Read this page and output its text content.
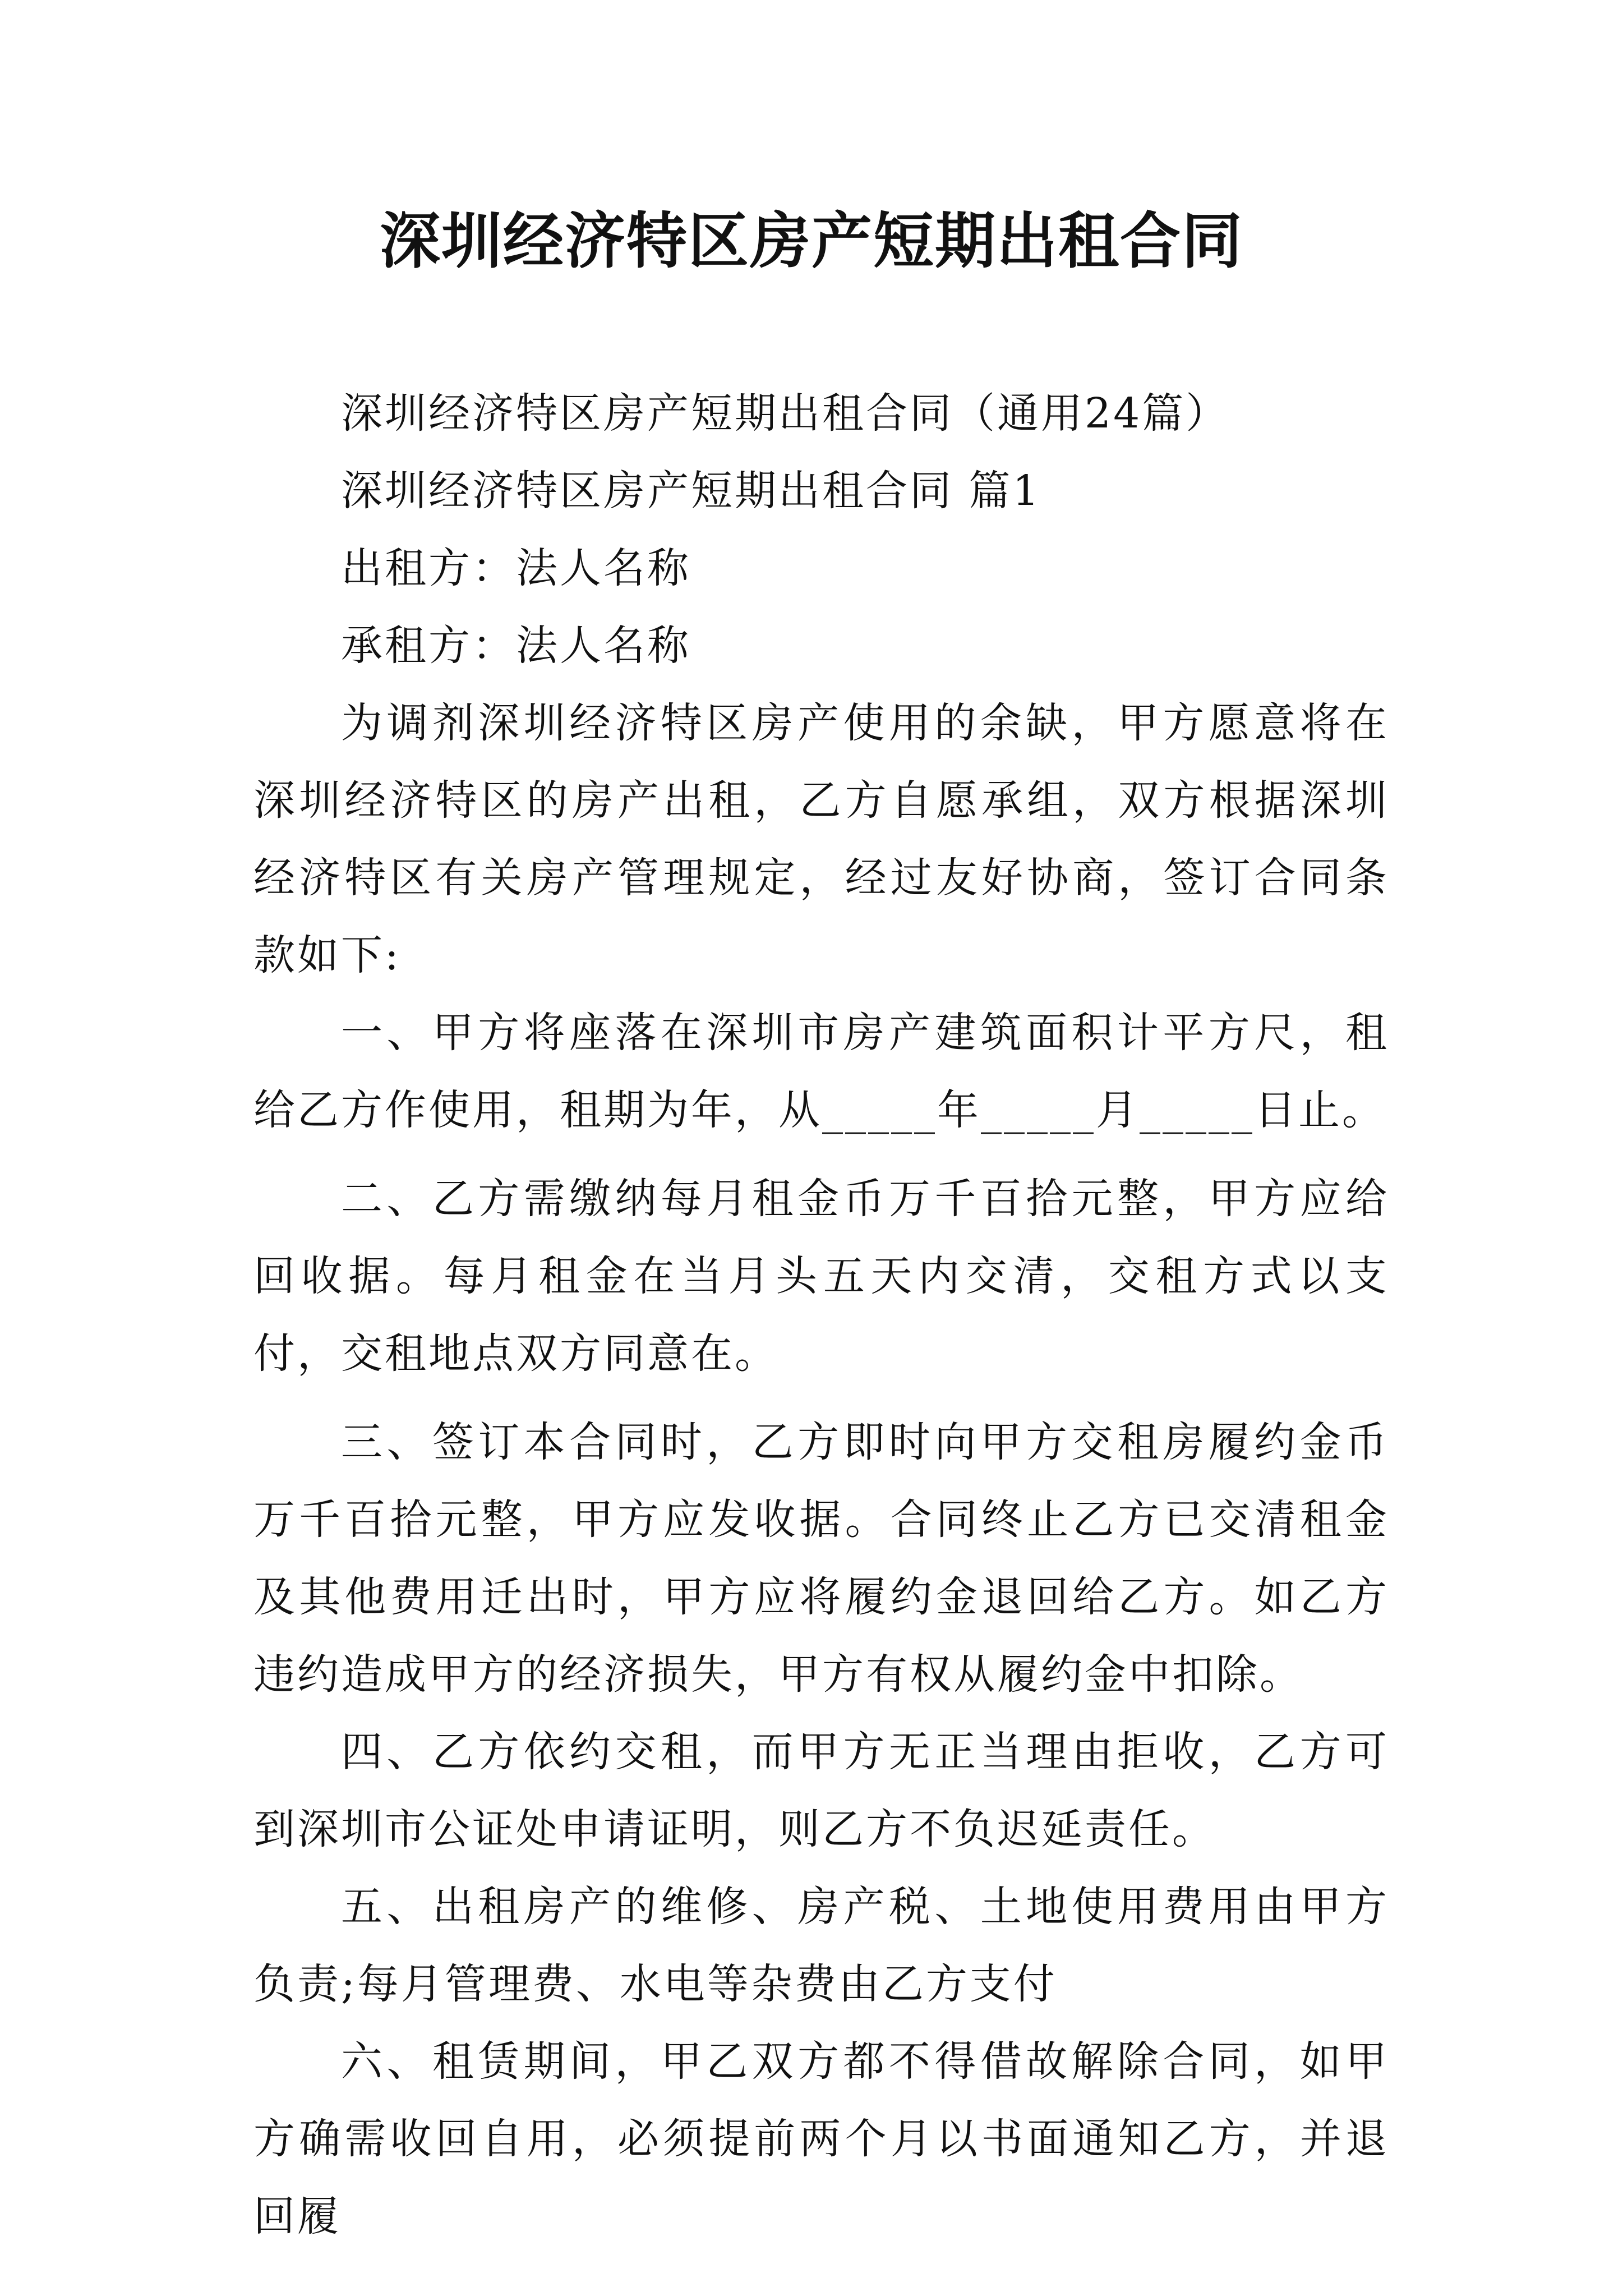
深圳经济特区房产短期出租合同

深圳经济特区房产短期出租合同（通用24篇）

深圳经济特区房产短期出租合同 篇1

出租方：法人名称

承租方：法人名称

为调剂深圳经济特区房产使用的余缺，甲方愿意将在深圳经济特区的房产出租，乙方自愿承组，双方根据深圳经济特区有关房产管理规定，经过友好协商，签订合同条款如下:

一、甲方将座落在深圳市房产建筑面积计平方尺，租给乙方作使用，租期为年，从_____年_____月_____日止。

二、乙方需缴纳每月租金币万千百拾元整，甲方应给回收据。每月租金在当月头五天内交清，交租方式以支付，交租地点双方同意在。

三、签订本合同时，乙方即时向甲方交租房履约金币万千百拾元整，甲方应发收据。合同终止乙方已交清租金及其他费用迁出时，甲方应将履约金退回给乙方。如乙方违约造成甲方的经济损失，甲方有权从履约金中扣除。

四、乙方依约交租，而甲方无正当理由拒收，乙方可到深圳市公证处申请证明，则乙方不负迟延责任。

五、出租房产的维修、房产税、土地使用费用由甲方负责;每月管理费、水电等杂费由乙方支付

六、租赁期间，甲乙双方都不得借故解除合同，如甲方确需收回自用，必须提前两个月以书面通知乙方，并退回履
